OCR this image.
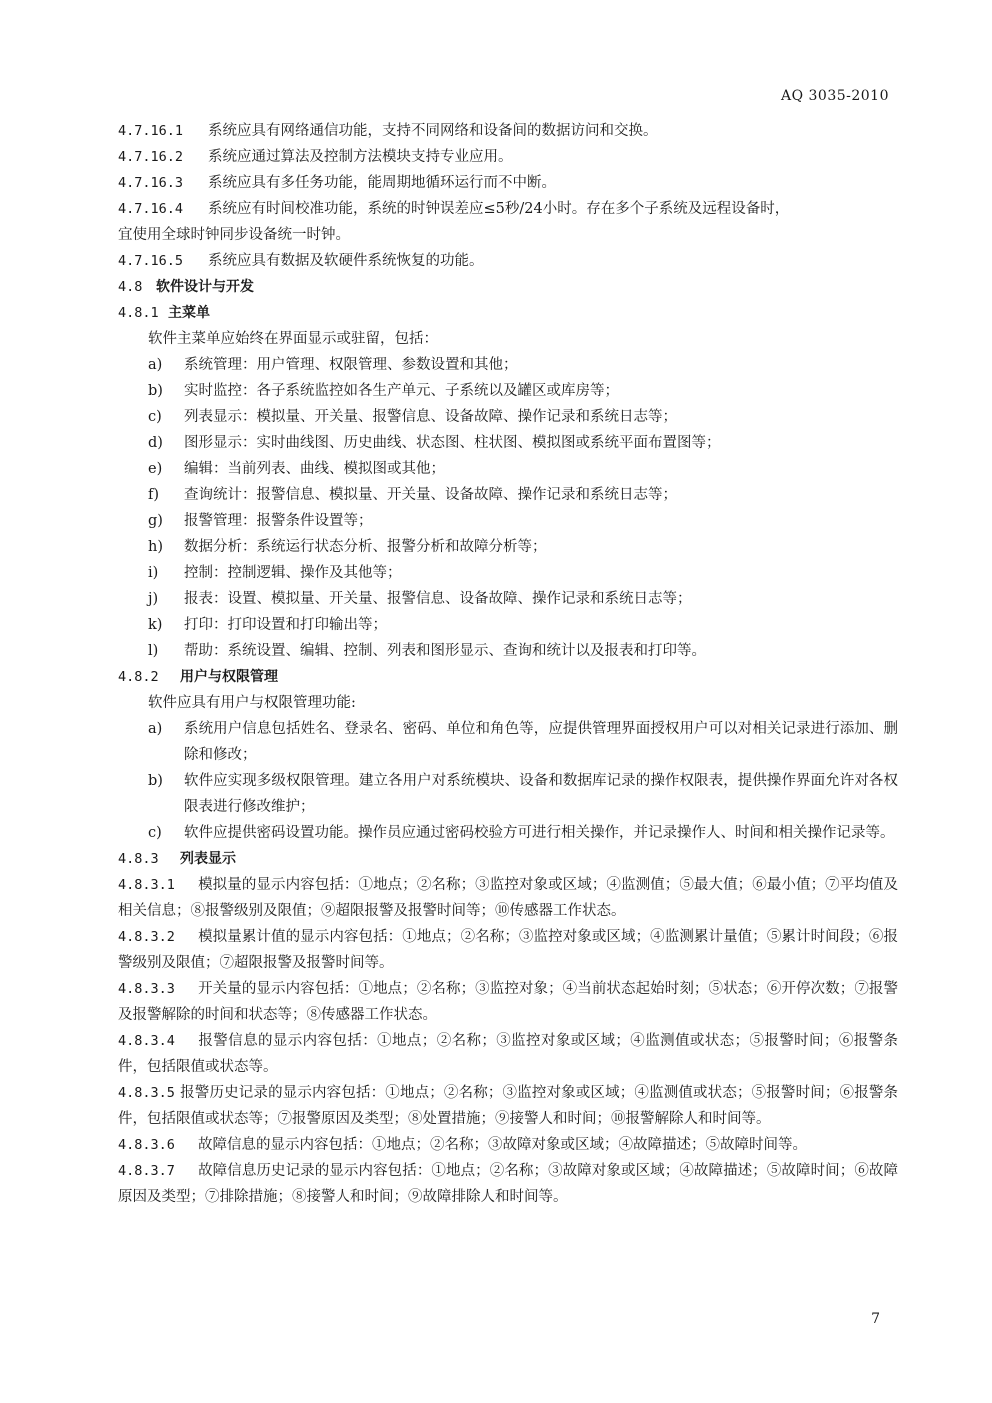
AQ 3035-2010
4.7.16.1 系统应具有网络通信功能，支持不同网络和设备间的数据访问和交换。
4.7.16.2 系统应通过算法及控制方法模块支持专业应用。
4.7.16.3 系统应具有多任务功能，能周期地循环运行而不中断。
4.7.16.4 系统应有时间校准功能，系统的时钟误差应≤5秒/24小时。存在多个子系统及远程设备时，
宜使用全球时钟同步设备统一时钟。
4.7.16.5 系统应具有数据及软硬件系统恢复的功能。
4.8 软件设计与开发
4.8.1 主菜单
软件主菜单应始终在界面显示或驻留，包括：
a)	系统管理：用户管理、权限管理、参数设置和其他；
b)	实时监控：各子系统监控如各生产单元、子系统以及罐区或库房等；
c)	列表显示：模拟量、开关量、报警信息、设备故障、操作记录和系统日志等；
d)	图形显示：实时曲线图、历史曲线、状态图、柱状图、模拟图或系统平面布置图等；
e)	编辑：当前列表、曲线、模拟图或其他；
f)	查询统计：报警信息、模拟量、开关量、设备故障、操作记录和系统日志等；
g)	报警管理：报警条件设置等；
h)	数据分析：系统运行状态分析、报警分析和故障分析等；
i)	控制：控制逻辑、操作及其他等；
j)	报表：设置、模拟量、开关量、报警信息、设备故障、操作记录和系统日志等；
k)	打印：打印设置和打印输出等；
l)	帮助：系统设置、编辑、控制、列表和图形显示、查询和统计以及报表和打印等。
4.8.2 用户与权限管理
软件应具有用户与权限管理功能:
a)	系统用户信息包括姓名、登录名、密码、单位和角色等，应提供管理界面授权用户可以对相关记录进行添加、删除和修改；
b)	软件应实现多级权限管理。建立各用户对系统模块、设备和数据库记录的操作权限表，提供操作界面允许对各权限表进行修改维护；
c)	软件应提供密码设置功能。操作员应通过密码校验方可进行相关操作，并记录操作人、时间和相关操作记录等。
4.8.3 列表显示
4.8.3.1 模拟量的显示内容包括：①地点；②名称；③监控对象或区域；④监测值；⑤最大值；⑥最小值；⑦平均值及相关信息；⑧报警级别及限值；⑨超限报警及报警时间等；⑩传感器工作状态。
4.8.3.2 模拟量累计值的显示内容包括：①地点；②名称；③监控对象或区域；④监测累计量值；⑤累计时间段；⑥报警级别及限值；⑦超限报警及报警时间等。
4.8.3.3 开关量的显示内容包括：①地点；②名称；③监控对象；④当前状态起始时刻；⑤状态；⑥开停次数；⑦报警及报警解除的时间和状态等；⑧传感器工作状态。
4.8.3.4 报警信息的显示内容包括：①地点；②名称；③监控对象或区域；④监测值或状态；⑤报警时间；⑥报警条件，包括限值或状态等。
4.8.3.5 报警历史记录的显示内容包括：①地点；②名称；③监控对象或区域；④监测值或状态；⑤报警时间；⑥报警条件，包括限值或状态等；⑦报警原因及类型；⑧处置措施；⑨接警人和时间；⑩报警解除人和时间等。
4.8.3.6 故障信息的显示内容包括：①地点；②名称；③故障对象或区域；④故障描述；⑤故障时间等。
4.8.3.7 故障信息历史记录的显示内容包括：①地点；②名称；③故障对象或区域；④故障描述；⑤故障时间；⑥故障原因及类型；⑦排除措施；⑧接警人和时间；⑨故障排除人和时间等。
7
